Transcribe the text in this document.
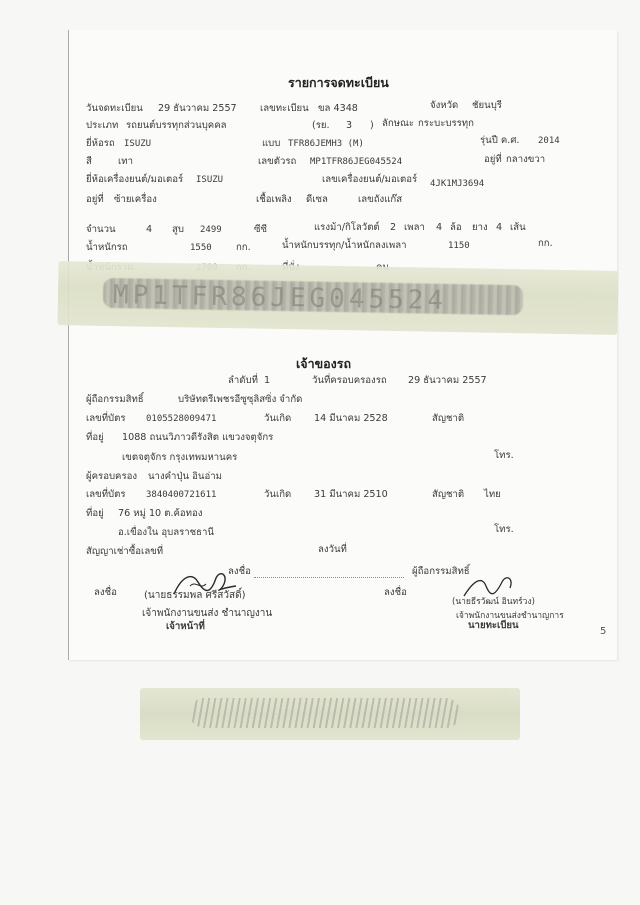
รายการจดทะเบียน
วันจดทะเบียน 29 ธันวาคม 2557 เลขทะเบียน ขล 4348	จังหวัด ชัยนบุรี
ประเภท รถยนต์บรรทุกส่วนบุคคล	(รย. 3 ) ลักษณะ กระบะบรรทุก
ยี่ห้อรถ ISUZU	แบบ TFR86JEMH3 (M)	รุ่นปี ค.ศ. 2014
สี	เทา	เลขตัวรถ MP1TFR86JEG045524	อยู่ที่ กลางขวา
ยี่ห้อเครื่องยนต์/มอเตอร์ ISUZU	เลขเครื่องยนต์/มอเตอร์ 4JK1MJ3694
อยู่ที่ ซ้ายเครื่อง	เชื้อเพลิง ดีเซล	เลขถังแก๊ส
จำนวน	4 สูบ 2499	ซีซี	แรงม้า/กิโลวัตต์ 2 เพลา 4 ล้อ ยาง 4 เส้น
น้ำหนักรถ	1550	กก.	น้ำหนักบรรทุก/น้ำหนักลงเพลา	1150	กก.
MP1TFR86JEG045524
เจ้าของรถ
ลำดับที่ 1	วันที่ครอบครองรถ 29 ธันวาคม 2557
ผู้ถือกรรมสิทธิ์	บริษัทตรีเพชรอีซูซุลิสซิ่ง จำกัด
เลขที่บัตร 0105528009471	วันเกิด 14 มีนาคม 2528	สัญชาติ
ที่อยู่ 1088 ถนนวิภาวดีรังสิต แขวงจตุจักร
เขตจตุจักร กรุงเทพมหานคร	โทร.
ผู้ครอบครอง นางคำปุ่น อินอ่าม
เลขที่บัตร 3840400721611	วันเกิด 31 มีนาคม 2510	สัญชาติ ไทย
ที่อยู่ 76 หมู่ 10 ต.ค้อทอง
อ.เขื่องใน อุบลราชธานี	โทร.
สัญญาเช่าซื้อเลขที่	ลงวันที่
ลงชื่อ	ผู้ถือกรรมสิทธิ์
ลงชื่อ	(นายธรรมพล ศรีสวัสดิ์)
เจ้าพนักงานขนส่ง ชำนาญงาน
เจ้าหน้าที่
ลงชื่อ
(นายธีรวัฒน์ อินทร์วง)
เจ้าพนักงานขนส่งชำนาญการ
นายทะเบียน
5
